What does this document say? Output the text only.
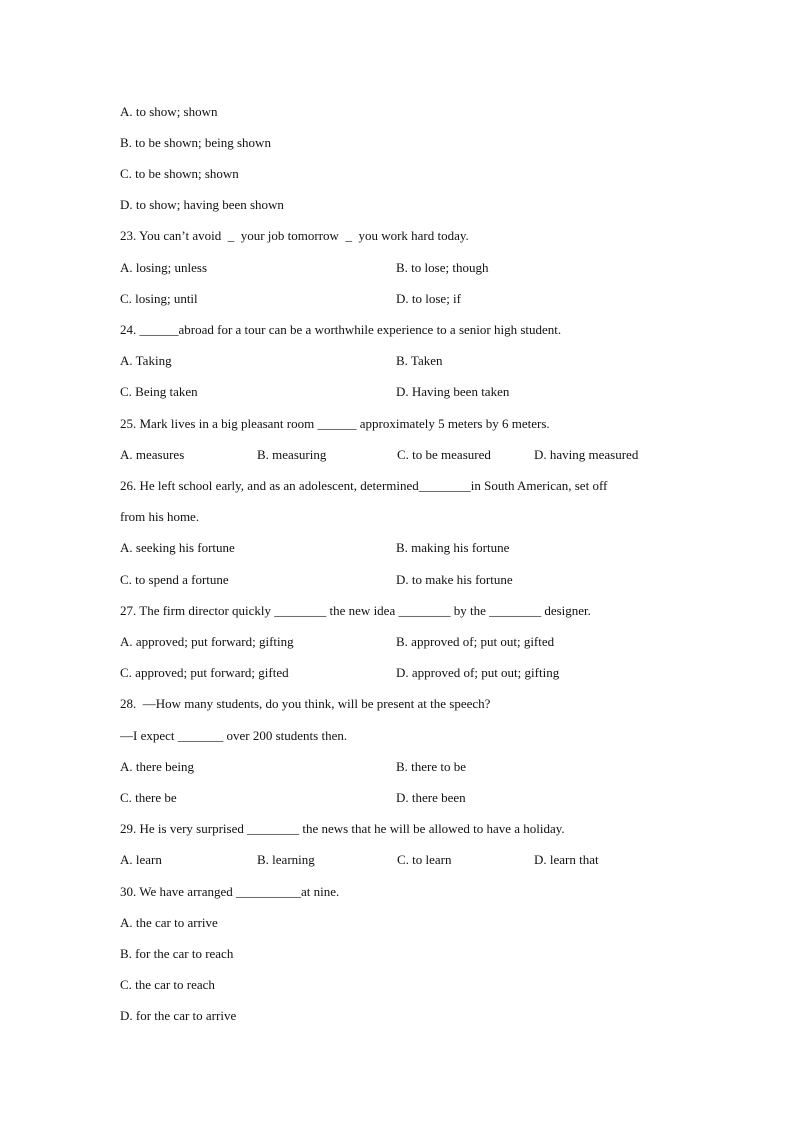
A. to show; shown
B. to be shown; being shown
C. to be shown; shown
D. to show; having been shown
23. You can’t avoid  _  your job tomorrow  _  you work hard today.
A. losing; unless	B. to lose; though
C. losing; until	D. to lose; if
24. ______abroad for a tour can be a worthwhile experience to a senior high student.
A. Taking	B. Taken
C. Being taken	D. Having been taken
25. Mark lives in a big pleasant room ______ approximately 5 meters by 6 meters.
A. measures	B. measuring	C. to be measured	D. having measured
26. He left school early, and as an adolescent, determined________in South American, set off
from his home.
A. seeking his fortune	B. making his fortune
C. to spend a fortune	D. to make his fortune
27. The firm director quickly ________ the new idea ________ by the ________ designer.
A. approved; put forward; gifting	B. approved of; put out; gifted
C. approved; put forward; gifted	D. approved of; put out; gifting
28.  —How many students, do you think, will be present at the speech?
—I expect _______ over 200 students then.
A. there being	B. there to be
C. there be	D. there been
29. He is very surprised ________ the news that he will be allowed to have a holiday.
A. learn	B. learning	C. to learn	D. learn that
30. We have arranged __________at nine.
A. the car to arrive
B. for the car to reach
C. the car to reach
D. for the car to arrive
